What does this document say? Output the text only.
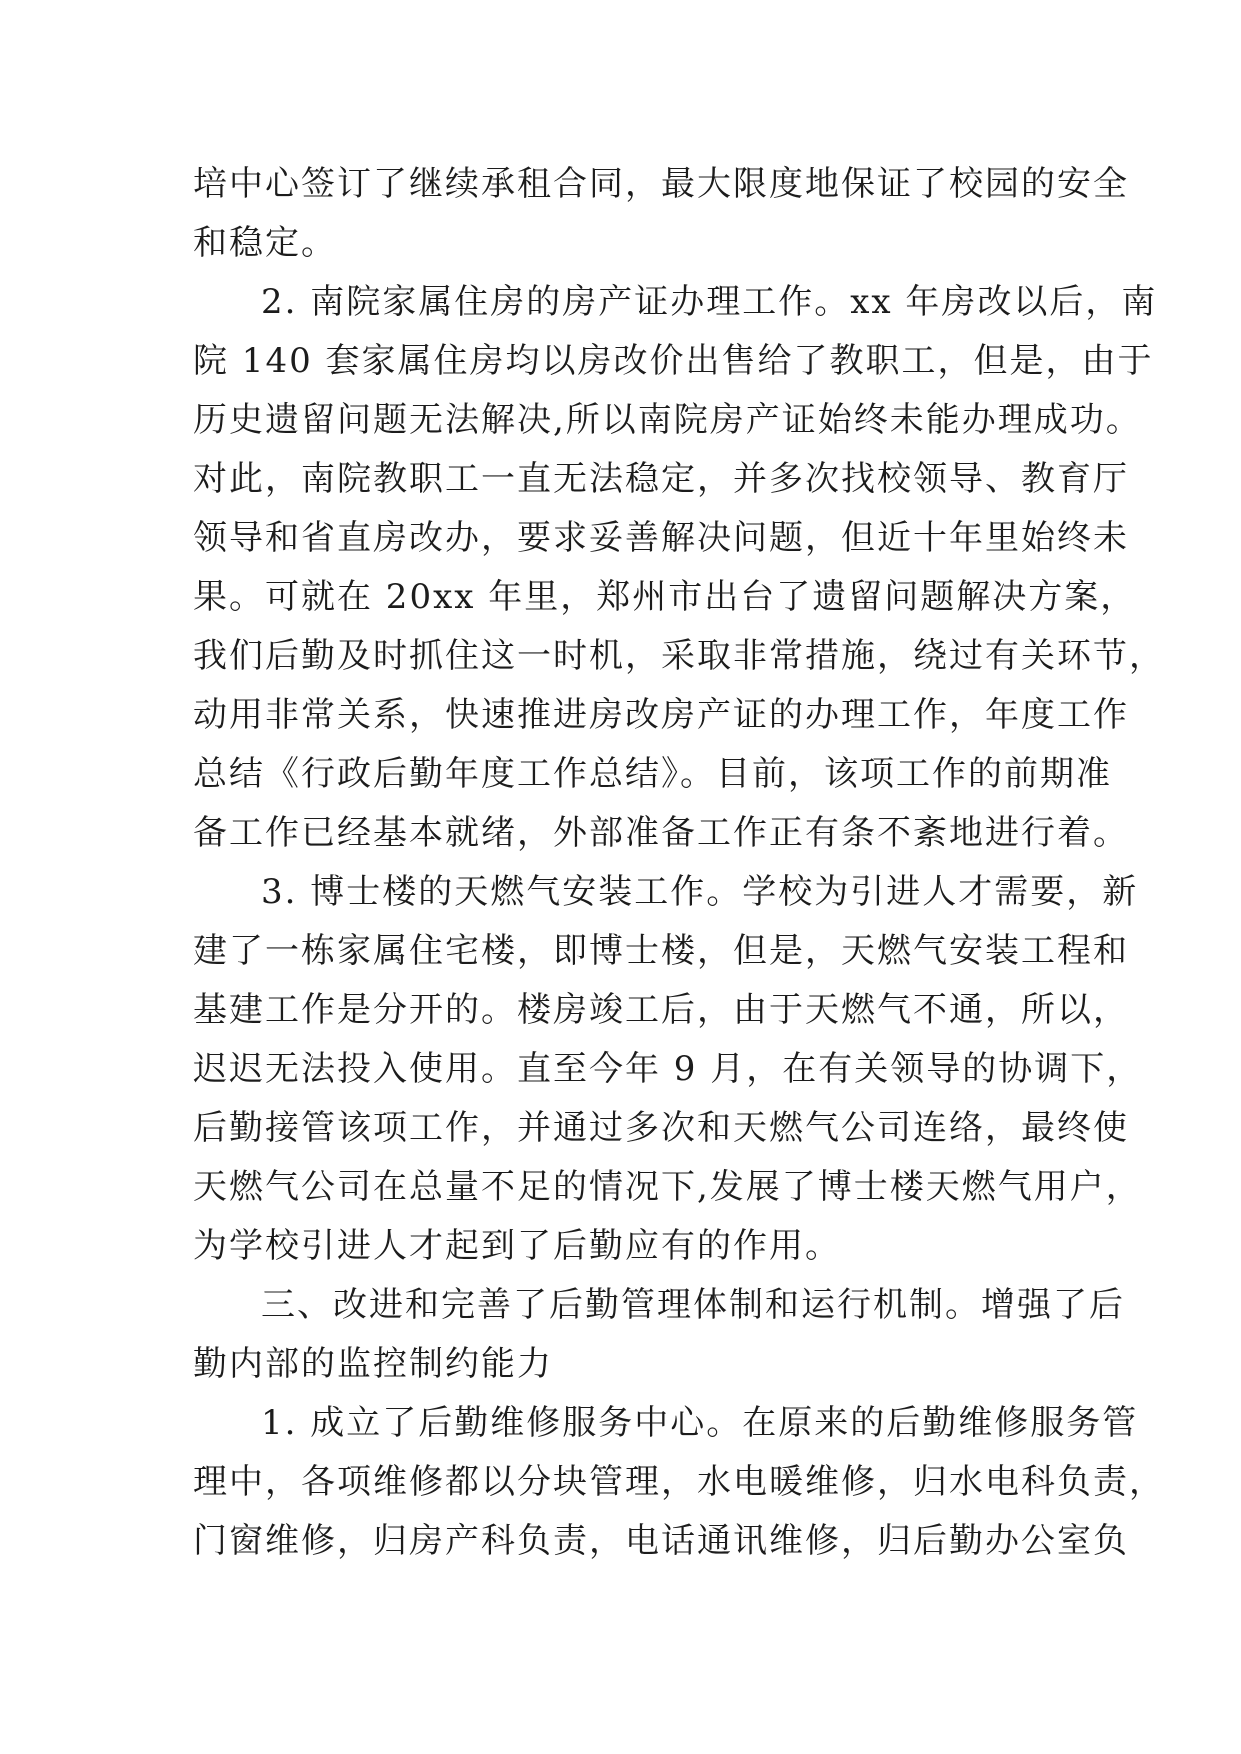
培中心签订了继续承租合同，最大限度地保证了校园的安全
和稳定。
2. 南院家属住房的房产证办理工作。xx 年房改以后，南
院 140 套家属住房均以房改价出售给了教职工，但是，由于
历史遗留问题无法解决,所以南院房产证始终未能办理成功。
对此，南院教职工一直无法稳定，并多次找校领导、教育厅
领导和省直房改办，要求妥善解决问题，但近十年里始终未
果。可就在 20xx 年里，郑州市出台了遗留问题解决方案，
我们后勤及时抓住这一时机，采取非常措施，绕过有关环节，
动用非常关系，快速推进房改房产证的办理工作，年度工作
总结《行政后勤年度工作总结》。目前，该项工作的前期准
备工作已经基本就绪，外部准备工作正有条不紊地进行着。
3. 博士楼的天燃气安装工作。学校为引进人才需要，新
建了一栋家属住宅楼，即博士楼，但是，天燃气安装工程和
基建工作是分开的。楼房竣工后，由于天燃气不通，所以，
迟迟无法投入使用。直至今年 9 月，在有关领导的协调下，
后勤接管该项工作，并通过多次和天燃气公司连络，最终使
天燃气公司在总量不足的情况下,发展了博士楼天燃气用户，
为学校引进人才起到了后勤应有的作用。
三、改进和完善了后勤管理体制和运行机制。增强了后
勤内部的监控制约能力
1. 成立了后勤维修服务中心。在原来的后勤维修服务管
理中，各项维修都以分块管理，水电暖维修，归水电科负责，
门窗维修，归房产科负责，电话通讯维修，归后勤办公室负
